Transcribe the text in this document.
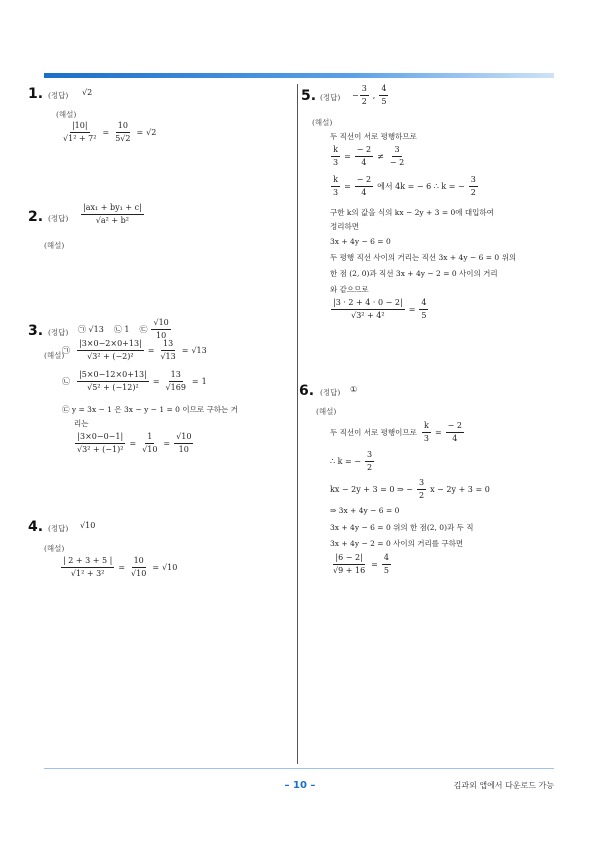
1. (정답) √2
(해설)
$\frac{|10|}{\text{√1² + 7²}} = \frac{10}{5√2} = √2$
2. (정답) $\frac{\text{|ax₁ + by₁ + c|}}{\text{√a² + b²}}$
(해설)
3. (정답) ㉠ √13 ㉡ 1 ㉢ $\frac{√10}{10}$
(해설)
㉠ $\frac{|3\times 0-2\times 0+13|}{\text{√3² + (−2)²}} = \frac{13}{√13} = √13$
㉡ $\frac{|5\times 0-12\times 0+13|}{\text{√5² + (−12)²}} = \frac{13}{√169} = 1$
㉢ y = 3x − 1 은 3x − y − 1 = 0 이므로 구하는 거
리는
$\frac{|3\times 0-0-1|}{\text{√3² + (−1)²}} = \frac{1}{√10} = \frac{√10}{10}$
4. (정답) √10
(해설)
$\frac{| 2 + 3 + 5 |}{\text{√1² + 3²}} = \frac{10}{√10} = √10$
5. (정답) − $\frac{3}{2}$ , $\frac{4}{5}$
(해설)
두 직선이 서로 평행하므로
$\frac{k}{3} = \frac{- 2}{4} \ne \frac{3}{- 2}$
$\frac{k}{3} = \frac{- 2}{4}$ 에서 4k = − 6 ∴ k = − $\frac{3}{2}$
구한 k의 값을 식의 kx − 2y + 3 = 0에 대입하여
정리하면
3x + 4y − 6 = 0
두 평행 직선 사이의 거리는 직선 3x + 4y − 6 = 0 위의
한 점 (2, 0)과 직선 3x + 4y − 2 = 0 사이의 거리
와 같으므로
$\frac{|3 \cdot 2 + 4 \cdot 0 - 2|}{\text{√3² + 4²}} = \frac{4}{5}$
6. (정답) ①
(해설)
두 직선이 서로 평행이므로 $\frac{k}{3} = \frac{- 2}{4}$
∴ k = − $\frac{3}{2}$
kx − 2y + 3 = 0 ⇒ − $\frac{3}{2}$ x − 2y + 3 = 0
⇒ 3x + 4y − 6 = 0
3x + 4y − 6 = 0 위의 한 점(2, 0)과 두 직
3x + 4y − 2 = 0 사이의 거리를 구하면
$\frac{|6 - 2|}{√9 + 16} = \frac{4}{5}$
– 10 –	김과외 앱에서 다운로드 가능
